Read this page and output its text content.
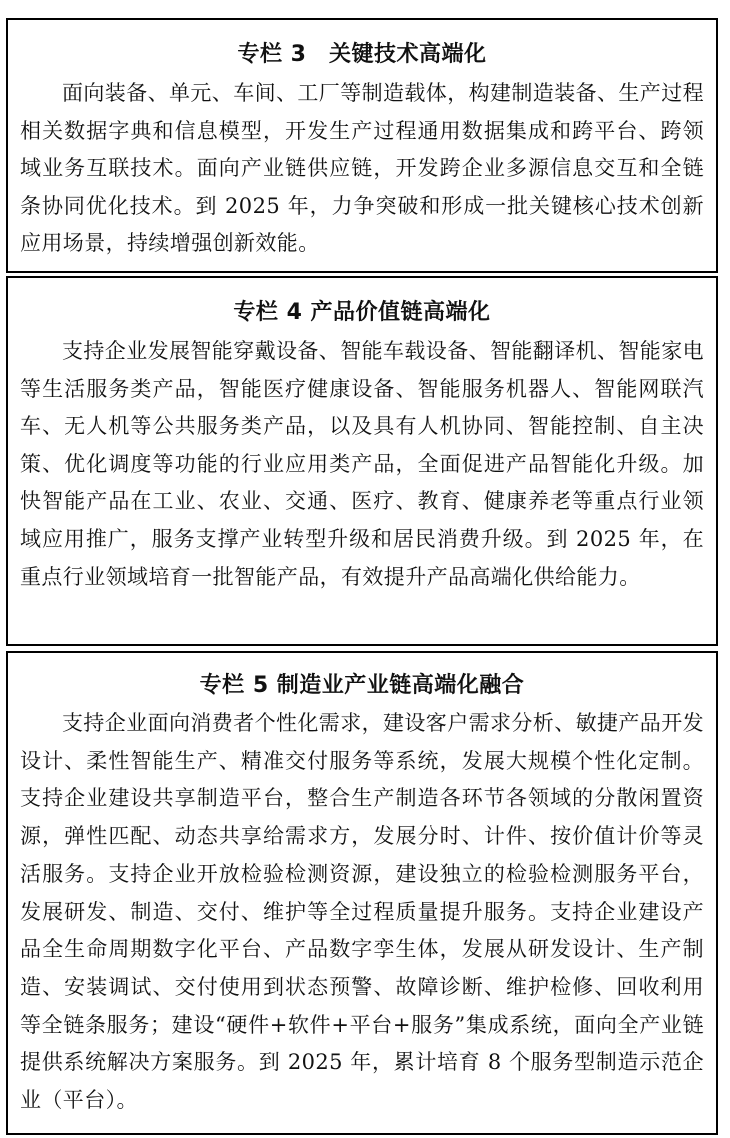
专栏 3　关键技术高端化

面向装备、单元、车间、工厂等制造载体，构建制造装备、生产过程相关数据字典和信息模型，开发生产过程通用数据集成和跨平台、跨领域业务互联技术。面向产业链供应链，开发跨企业多源信息交互和全链条协同优化技术。到 2025 年，力争突破和形成一批关键核心技术创新应用场景，持续增强创新效能。

专栏 4 产品价值链高端化

支持企业发展智能穿戴设备、智能车载设备、智能翻译机、智能家电等生活服务类产品，智能医疗健康设备、智能服务机器人、智能网联汽车、无人机等公共服务类产品，以及具有人机协同、智能控制、自主决策、优化调度等功能的行业应用类产品，全面促进产品智能化升级。加快智能产品在工业、农业、交通、医疗、教育、健康养老等重点行业领域应用推广，服务支撑产业转型升级和居民消费升级。到 2025 年，在重点行业领域培育一批智能产品，有效提升产品高端化供给能力。

专栏 5 制造业产业链高端化融合

支持企业面向消费者个性化需求，建设客户需求分析、敏捷产品开发设计、柔性智能生产、精准交付服务等系统，发展大规模个性化定制。支持企业建设共享制造平台，整合生产制造各环节各领域的分散闲置资源，弹性匹配、动态共享给需求方，发展分时、计件、按价值计价等灵活服务。支持企业开放检验检测资源，建设独立的检验检测服务平台，发展研发、制造、交付、维护等全过程质量提升服务。支持企业建设产品全生命周期数字化平台、产品数字孪生体，发展从研发设计、生产制造、安装调试、交付使用到状态预警、故障诊断、维护检修、回收利用等全链条服务；建设“硬件+软件+平台+服务”集成系统，面向全产业链提供系统解决方案服务。到 2025 年，累计培育 8 个服务型制造示范企业（平台）。
